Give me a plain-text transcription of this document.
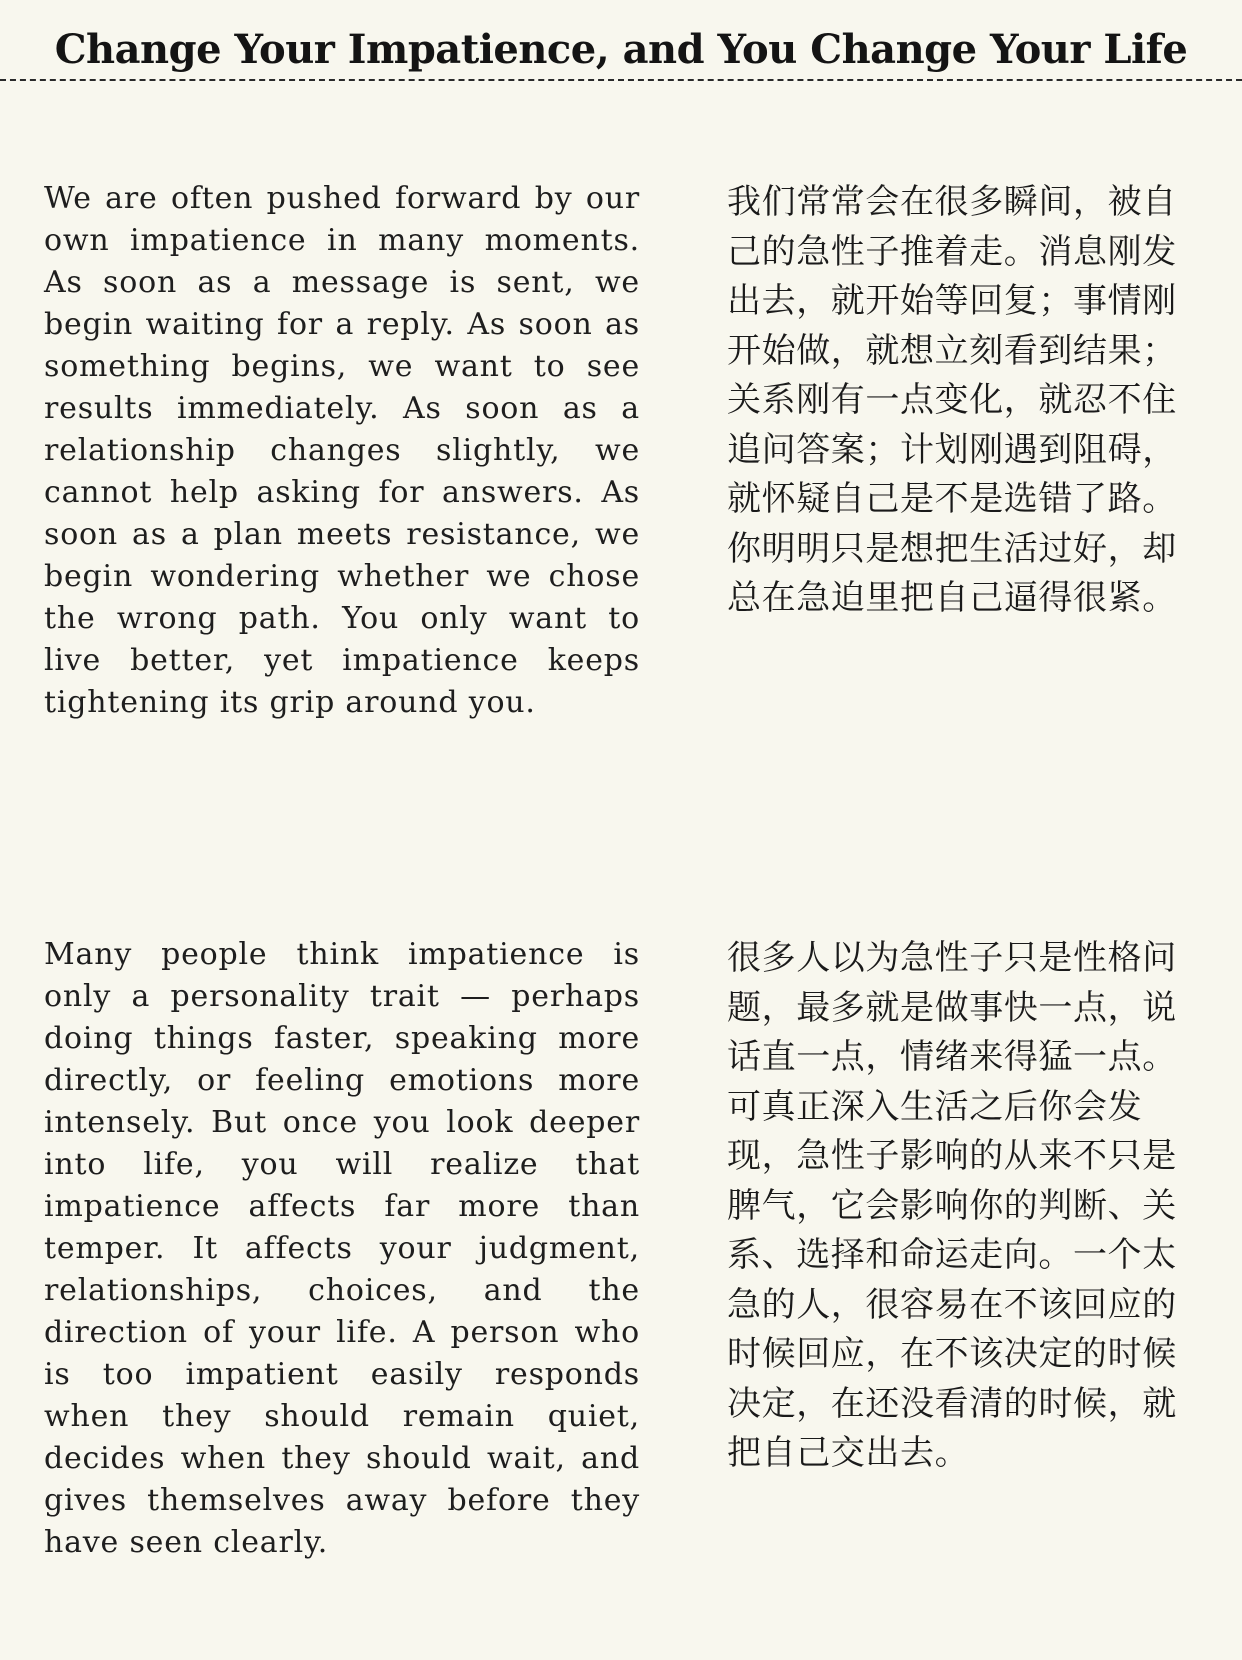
Change Your Impatience, and You Change Your Life

We are often pushed forward by our own impatience in many moments. As soon as a message is sent, we begin waiting for a reply. As soon as something begins, we want to see results immediately. As soon as a relationship changes slightly, we cannot help asking for answers. As soon as a plan meets resistance, we begin wondering whether we chose the wrong path. You only want to live better, yet impatience keeps tightening its grip around you.

我们常常会在很多瞬间，被自己的急性子推着走。消息刚发出去，就开始等回复；事情刚开始做，就想立刻看到结果；关系刚有一点变化，就忍不住追问答案；计划刚遇到阻碍，就怀疑自己是不是选错了路。你明明只是想把生活过好，却总在急迫里把自己逼得很紧。

Many people think impatience is only a personality trait — perhaps doing things faster, speaking more directly, or feeling emotions more intensely. But once you look deeper into life, you will realize that impatience affects far more than temper. It affects your judgment, relationships, choices, and the direction of your life. A person who is too impatient easily responds when they should remain quiet, decides when they should wait, and gives themselves away before they have seen clearly.

很多人以为急性子只是性格问题，最多就是做事快一点，说话直一点，情绪来得猛一点。可真正深入生活之后你会发现，急性子影响的从来不只是脾气，它会影响你的判断、关系、选择和命运走向。一个太急的人，很容易在不该回应的时候回应，在不该决定的时候决定，在还没看清的时候，就把自己交出去。
